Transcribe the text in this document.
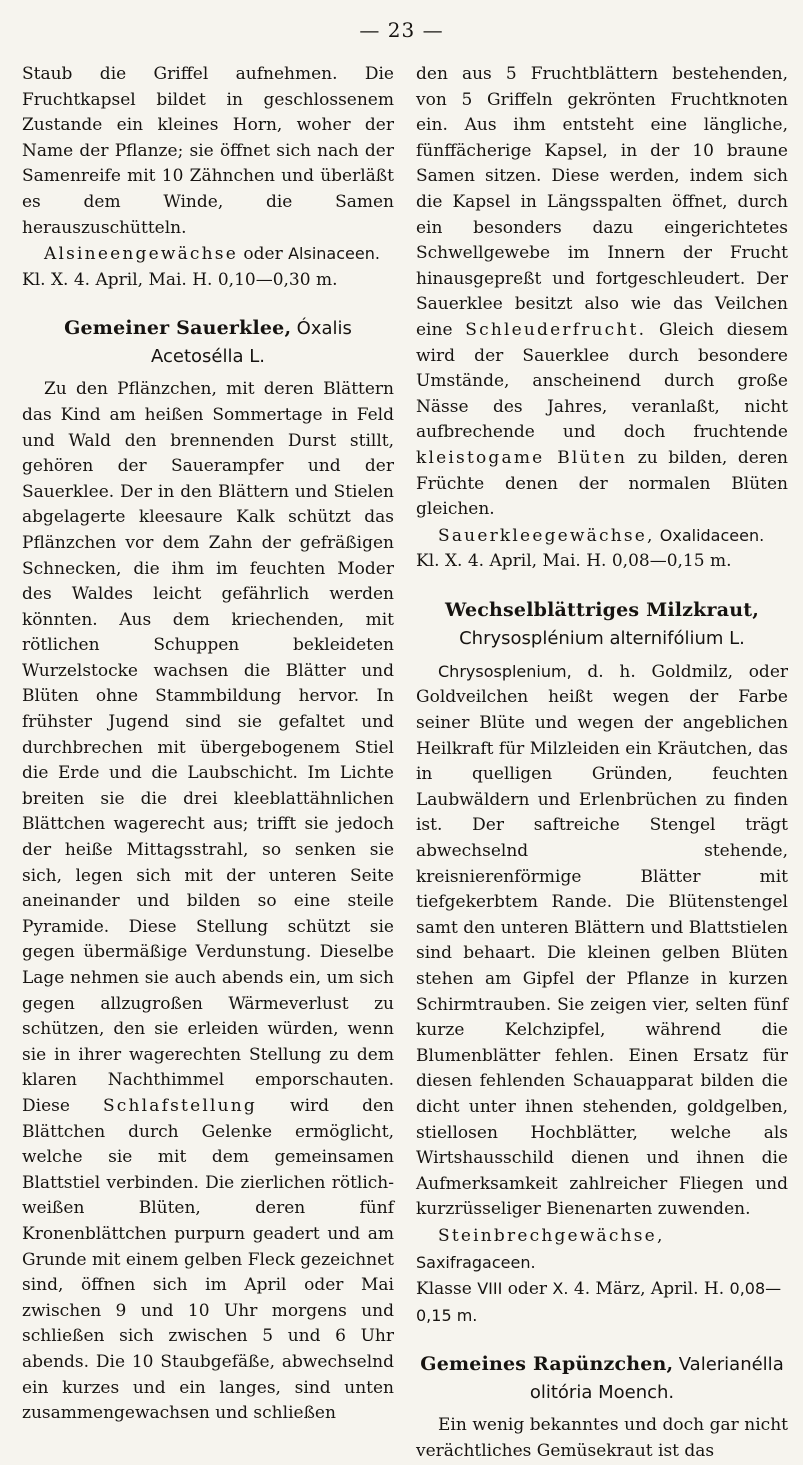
— 23 —

Staub die Griffel aufnehmen. Die Fruchtkapsel bildet in geschlossenem Zustande ein kleines Horn, woher der Name der Pflanze; sie öffnet sich nach der Samenreife mit 10 Zähnchen und überläßt es dem Winde, die Samen herauszuschütteln.

Alsineengewächse oder Alsinaceen.

Kl. X. 4. April, Mai. H. 0,10—0,30 m.

Gemeiner Sauerklee, Óxalis Acetosélla L.

Zu den Pflänzchen, mit deren Blättern das Kind am heißen Sommertage in Feld und Wald den brennenden Durst stillt, gehören der Sauerampfer und der Sauerklee. Der in den Blättern und Stielen abgelagerte kleesaure Kalk schützt das Pflänzchen vor dem Zahn der gefräßigen Schnecken, die ihm im feuchten Moder des Waldes leicht gefährlich werden könnten. Aus dem kriechenden, mit rötlichen Schuppen bekleideten Wurzelstocke wachsen die Blätter und Blüten ohne Stammbildung hervor. In frühster Jugend sind sie gefaltet und durchbrechen mit übergebogenem Stiel die Erde und die Laubschicht. Im Lichte breiten sie die drei kleeblattähnlichen Blättchen wagerecht aus; trifft sie jedoch der heiße Mittagsstrahl, so senken sie sich, legen sich mit der unteren Seite aneinander und bilden so eine steile Pyramide. Diese Stellung schützt sie gegen übermäßige Verdunstung. Dieselbe Lage nehmen sie auch abends ein, um sich gegen allzugroßen Wärmeverlust zu schützen, den sie erleiden würden, wenn sie in ihrer wagerechten Stellung zu dem klaren Nachthimmel emporschauten. Diese Schlafstellung wird den Blättchen durch Gelenke ermöglicht, welche sie mit dem gemeinsamen Blattstiel verbinden. Die zierlichen rötlich-weißen Blüten, deren fünf Kronenblättchen purpurn geadert und am Grunde mit einem gelben Fleck gezeichnet sind, öffnen sich im April oder Mai zwischen 9 und 10 Uhr morgens und schließen sich zwischen 5 und 6 Uhr abends. Die 10 Staubgefäße, abwechselnd ein kurzes und ein langes, sind unten zusammengewachsen und schließen

den aus 5 Fruchtblättern bestehenden, von 5 Griffeln gekrönten Fruchtknoten ein. Aus ihm entsteht eine längliche, fünffächerige Kapsel, in der 10 braune Samen sitzen. Diese werden, indem sich die Kapsel in Längsspalten öffnet, durch ein besonders dazu eingerichtetes Schwellgewebe im Innern der Frucht hinausgepreßt und fortgeschleudert. Der Sauerklee besitzt also wie das Veilchen eine Schleuderfrucht. Gleich diesem wird der Sauerklee durch besondere Umstände, anscheinend durch große Nässe des Jahres, veranlaßt, nicht aufbrechende und doch fruchtende kleistogame Blüten zu bilden, deren Früchte denen der normalen Blüten gleichen.

Sauerkleegewächse, Oxalidaceen.

Kl. X. 4. April, Mai. H. 0,08—0,15 m.

Wechselblättriges Milzkraut, Chrysosplénium alternifólium L.

Chrysosplenium, d. h. Goldmilz, oder Goldveilchen heißt wegen der Farbe seiner Blüte und wegen der angeblichen Heilkraft für Milzleiden ein Kräutchen, das in quelligen Gründen, feuchten Laubwäldern und Erlenbrüchen zu finden ist. Der saftreiche Stengel trägt abwechselnd stehende, kreisnierenförmige Blätter mit tiefgekerbtem Rande. Die Blütenstengel samt den unteren Blättern und Blattstielen sind behaart. Die kleinen gelben Blüten stehen am Gipfel der Pflanze in kurzen Schirmtrauben. Sie zeigen vier, selten fünf kurze Kelchzipfel, während die Blumenblätter fehlen. Einen Ersatz für diesen fehlenden Schauapparat bilden die dicht unter ihnen stehenden, goldgelben, stiellosen Hochblätter, welche als Wirtshausschild dienen und ihnen die Aufmerksamkeit zahlreicher Fliegen und kurzrüsseliger Bienenarten zuwenden.

Steinbrechgewächse, Saxifragaceen.

Klasse VIII oder X. 4. März, April. H. 0,08—0,15 m.

Gemeines Rapünzchen, Valerianélla olitória Moench.

Ein wenig bekanntes und doch gar nicht verächtliches Gemüsekraut ist das
